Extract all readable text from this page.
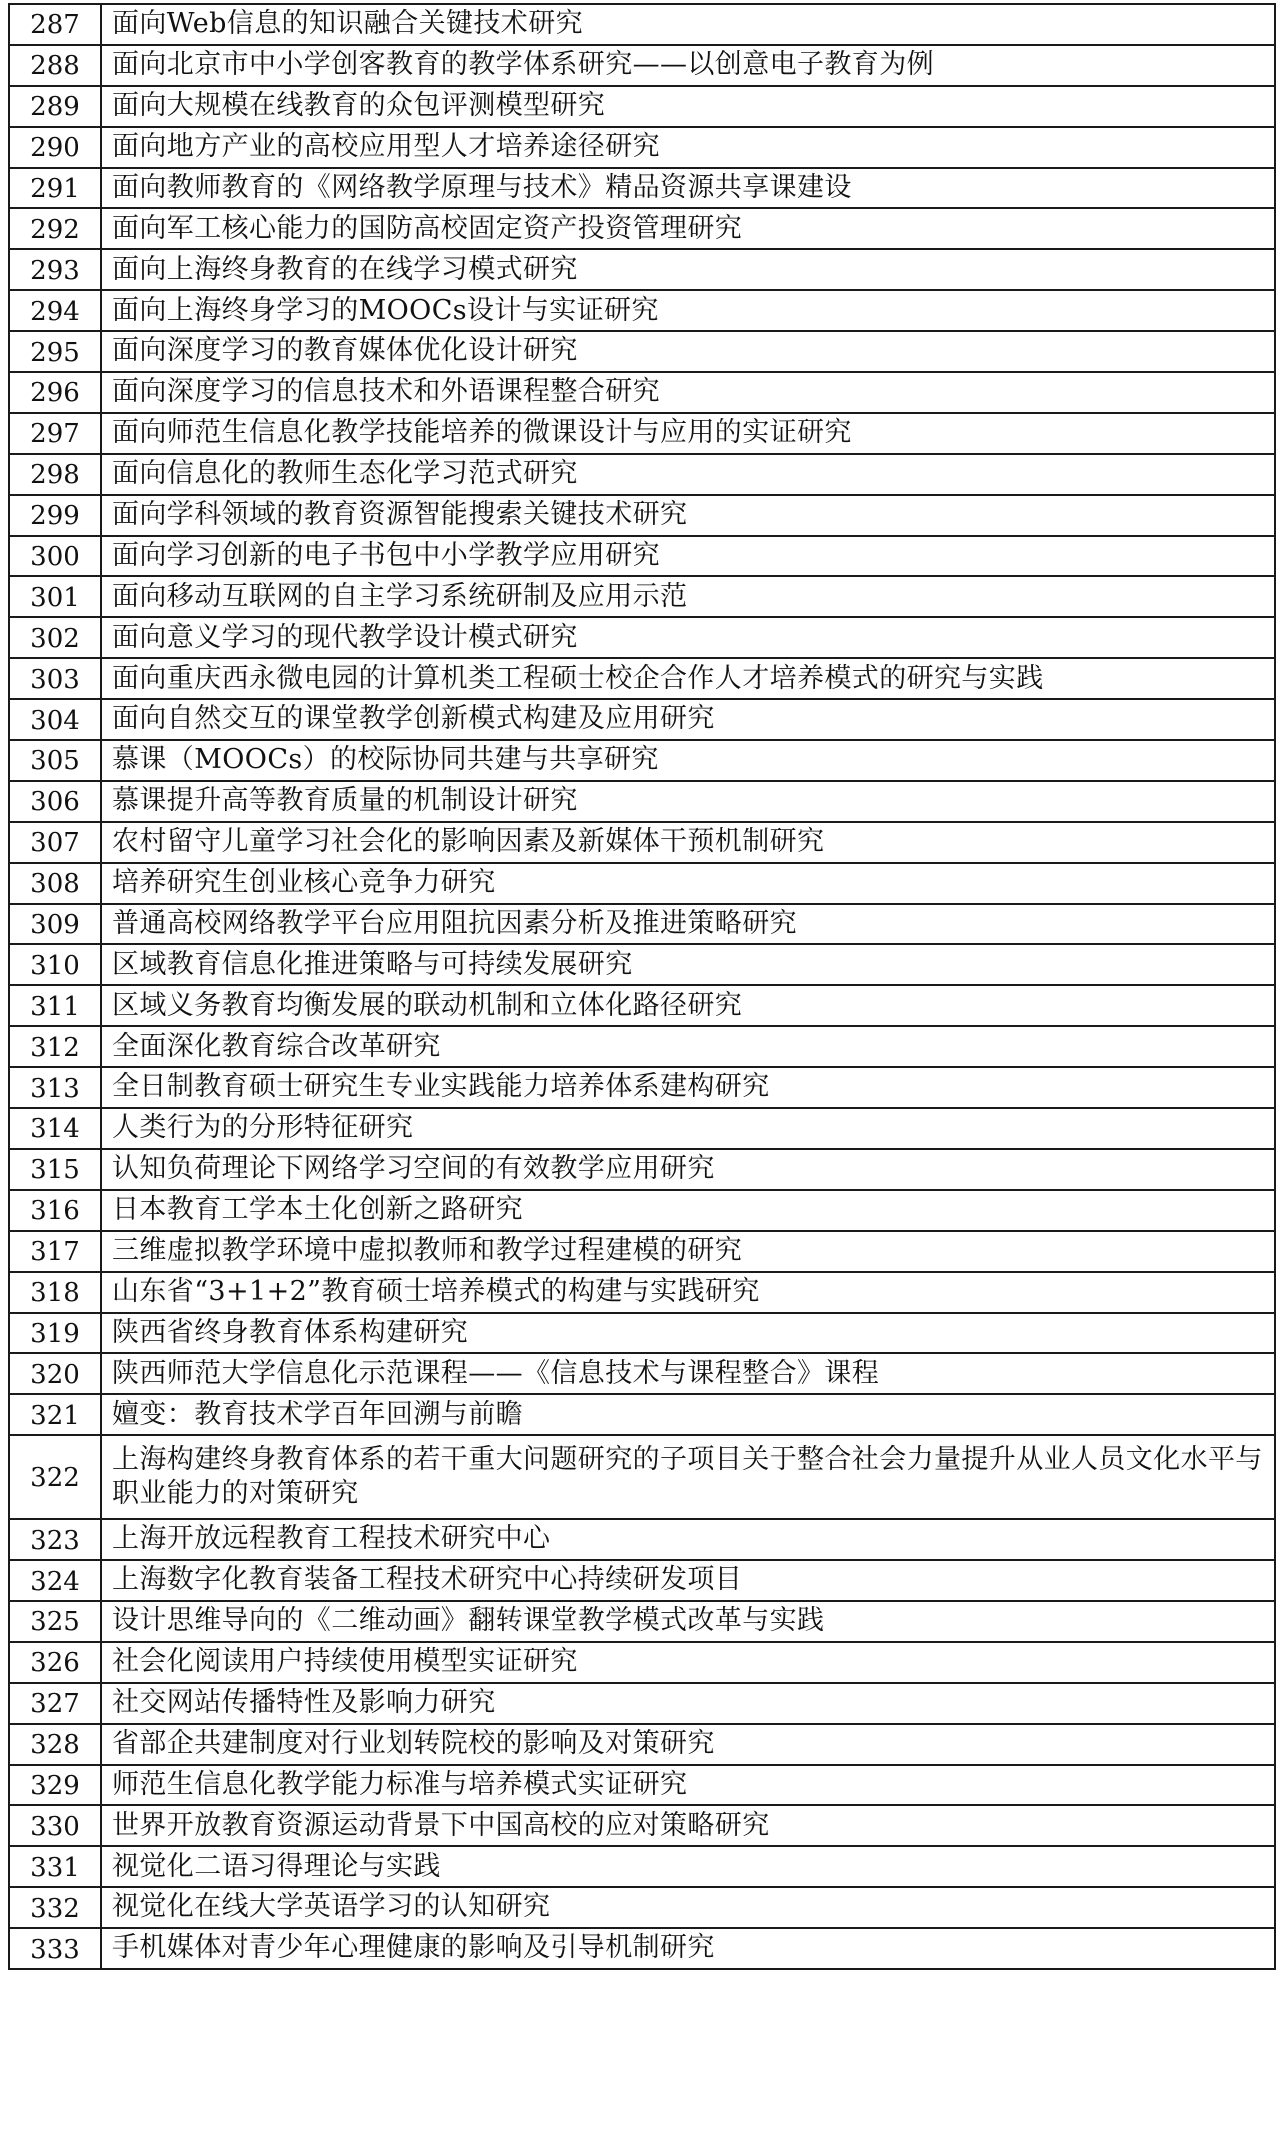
287	面向Web信息的知识融合关键技术研究
288	面向北京市中小学创客教育的教学体系研究——以创意电子教育为例
289	面向大规模在线教育的众包评测模型研究
290	面向地方产业的高校应用型人才培养途径研究
291	面向教师教育的《网络教学原理与技术》精品资源共享课建设
292	面向军工核心能力的国防高校固定资产投资管理研究
293	面向上海终身教育的在线学习模式研究
294	面向上海终身学习的MOOCs设计与实证研究
295	面向深度学习的教育媒体优化设计研究
296	面向深度学习的信息技术和外语课程整合研究
297	面向师范生信息化教学技能培养的微课设计与应用的实证研究
298	面向信息化的教师生态化学习范式研究
299	面向学科领域的教育资源智能搜索关键技术研究
300	面向学习创新的电子书包中小学教学应用研究
301	面向移动互联网的自主学习系统研制及应用示范
302	面向意义学习的现代教学设计模式研究
303	面向重庆西永微电园的计算机类工程硕士校企合作人才培养模式的研究与实践
304	面向自然交互的课堂教学创新模式构建及应用研究
305	慕课（MOOCs）的校际协同共建与共享研究
306	慕课提升高等教育质量的机制设计研究
307	农村留守儿童学习社会化的影响因素及新媒体干预机制研究
308	培养研究生创业核心竞争力研究
309	普通高校网络教学平台应用阻抗因素分析及推进策略研究
310	区域教育信息化推进策略与可持续发展研究
311	区域义务教育均衡发展的联动机制和立体化路径研究
312	全面深化教育综合改革研究
313	全日制教育硕士研究生专业实践能力培养体系建构研究
314	人类行为的分形特征研究
315	认知负荷理论下网络学习空间的有效教学应用研究
316	日本教育工学本土化创新之路研究
317	三维虚拟教学环境中虚拟教师和教学过程建模的研究
318	山东省“3+1+2”教育硕士培养模式的构建与实践研究
319	陕西省终身教育体系构建研究
320	陕西师范大学信息化示范课程——《信息技术与课程整合》课程
321	嬗变：教育技术学百年回溯与前瞻
322	上海构建终身教育体系的若干重大问题研究的子项目关于整合社会力量提升从业人员文化水平与职业能力的对策研究
323	上海开放远程教育工程技术研究中心
324	上海数字化教育装备工程技术研究中心持续研发项目
325	设计思维导向的《二维动画》翻转课堂教学模式改革与实践
326	社会化阅读用户持续使用模型实证研究
327	社交网站传播特性及影响力研究
328	省部企共建制度对行业划转院校的影响及对策研究
329	师范生信息化教学能力标准与培养模式实证研究
330	世界开放教育资源运动背景下中国高校的应对策略研究
331	视觉化二语习得理论与实践
332	视觉化在线大学英语学习的认知研究
333	手机媒体对青少年心理健康的影响及引导机制研究
